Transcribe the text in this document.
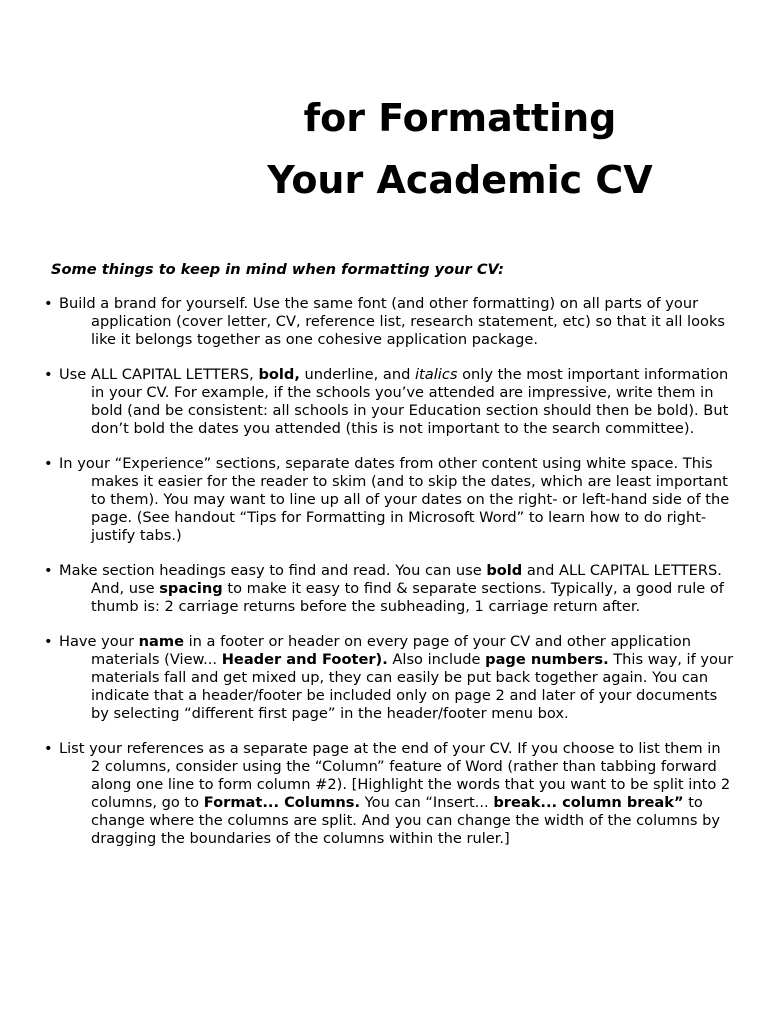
for Formatting
Your Academic CV
Some things to keep in mind when formatting your CV:
• Build a brand for yourself. Use the same font (and other formatting) on all parts of your application (cover letter, CV, reference list, research statement, etc) so that it all looks like it belongs together as one cohesive application package.
• Use ALL CAPITAL LETTERS, bold, underline, and italics only the most important information in your CV. For example, if the schools you’ve attended are impressive, write them in bold (and be consistent: all schools in your Education section should then be bold). But don’t bold the dates you attended (this is not important to the search committee).
• In your “Experience” sections, separate dates from other content using white space. This makes it easier for the reader to skim (and to skip the dates, which are least important to them). You may want to line up all of your dates on the right- or left-hand side of the page. (See handout “Tips for Formatting in Microsoft Word” to learn how to do right-justify tabs.)
• Make section headings easy to find and read. You can use bold and ALL CAPITAL LETTERS. And, use spacing to make it easy to find & separate sections. Typically, a good rule of thumb is: 2 carriage returns before the subheading, 1 carriage return after.
• Have your name in a footer or header on every page of your CV and other application materials (View... Header and Footer). Also include page numbers. This way, if your materials fall and get mixed up, they can easily be put back together again. You can indicate that a header/footer be included only on page 2 and later of your documents by selecting “different first page” in the header/footer menu box.
• List your references as a separate page at the end of your CV. If you choose to list them in 2 columns, consider using the “Column” feature of Word (rather than tabbing forward along one line to form column #2). [Highlight the words that you want to be split into 2 columns, go to Format... Columns. You can “Insert... break... column break” to change where the columns are split. And you can change the width of the columns by dragging the boundaries of the columns within the ruler.]
